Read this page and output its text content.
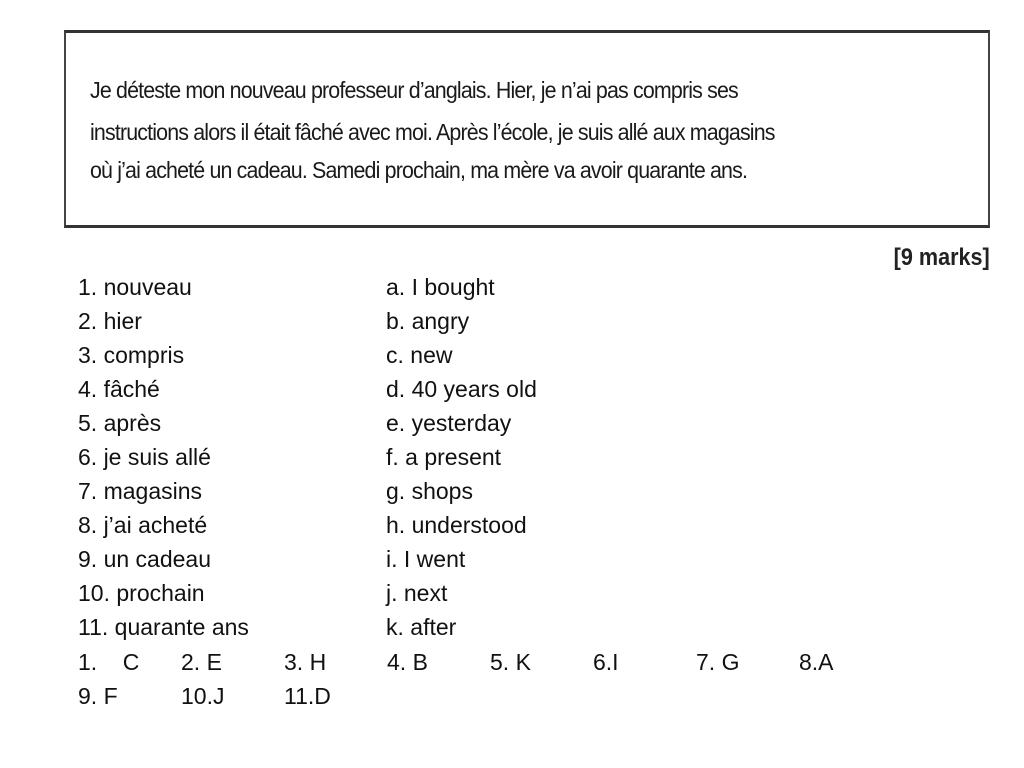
Je déteste mon nouveau professeur d’anglais. Hier, je n’ai pas compris ses
instructions alors il était fâché avec moi. Après l’école, je suis allé aux magasins
où j’ai acheté un cadeau. Samedi prochain, ma mère va avoir quarante ans.
[9 marks]
1. nouveau	a. I bought
2. hier	b. angry
3. compris	c. new
4. fâché	d. 40 years old
5. après	e. yesterday
6. je suis allé	f. a present
7. magasins	g. shops
8. j’ai acheté	h. understood
9. un cadeau	i. I went
10. prochain	j. next
11. quarante ans	k. after
1.    C	2. E	3. H	4. B	5. K	6.I	7. G	8.A
9. F	10.J	11.D
